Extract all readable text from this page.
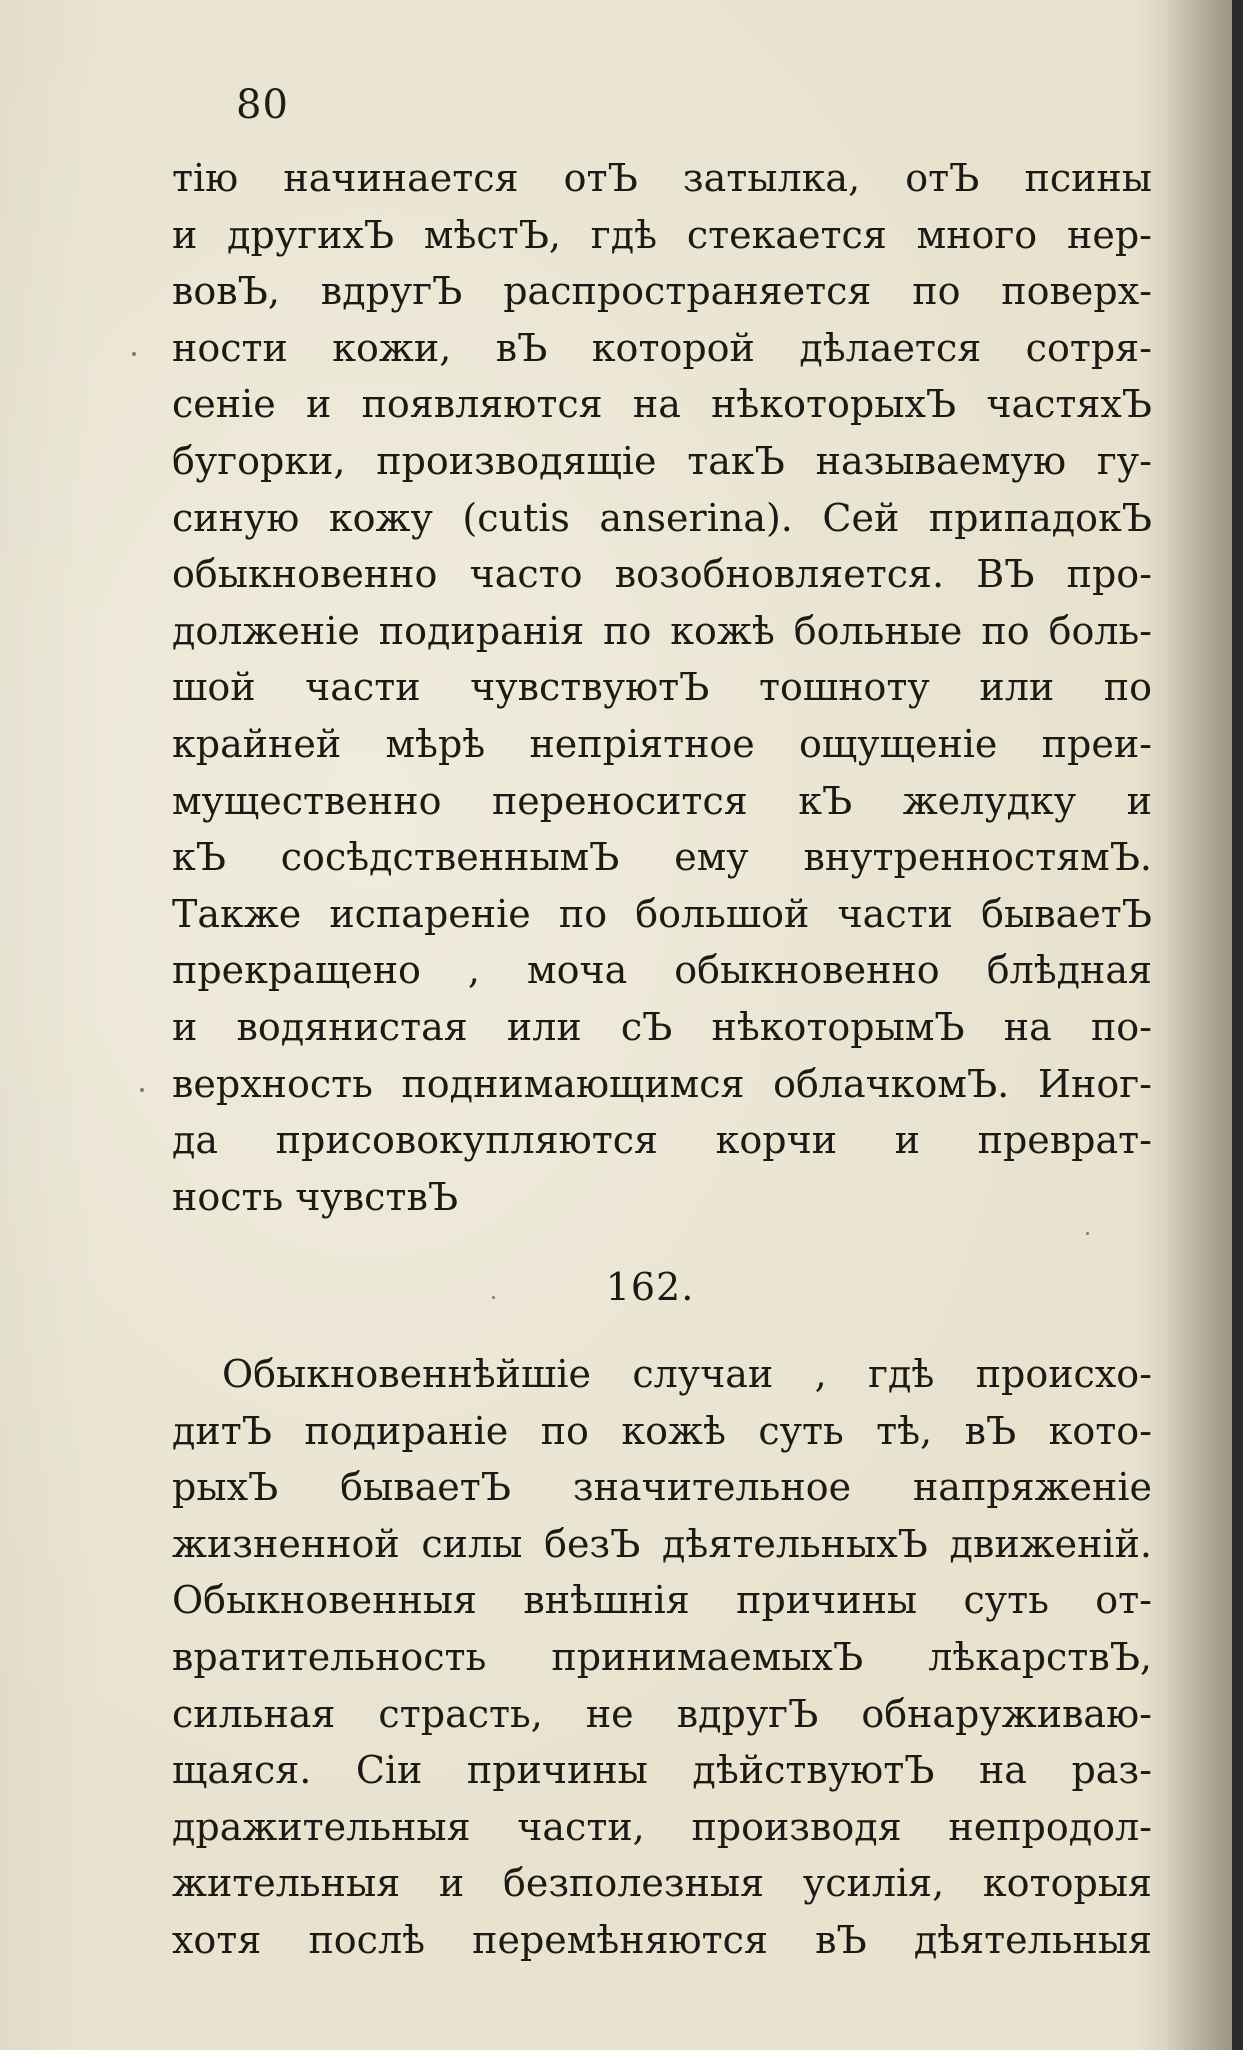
80
тію начинается отЪ затылка, отЪ псины
и другихЪ мѣстЪ, гдѣ стекается много нер-
вовЪ, вдругЪ распространяется по поверх-
ности кожи, вЪ которой дѣлается сотря-
сеніе и появляются на нѣкоторыхЪ частяхЪ
бугорки, производящіе такЪ называемую гу-
синую кожу (cutis anserina). Сей припадокЪ
обыкновенно часто возобновляется. ВЪ про-
долженіе подиранія по кожѣ больные по боль-
шой части чувствуютЪ тошноту или по
крайней мѣрѣ непріятное ощущеніе преи-
мущественно переносится кЪ желудку и
кЪ сосѣдственнымЪ ему внутренностямЪ.
Также испареніе по большой части бываетЪ
прекращено , моча обыкновенно блѣдная
и водянистая или сЪ нѣкоторымЪ на по-
верхность поднимающимся облачкомЪ. Иног-
да присовокупляются корчи и преврат-
ность чувствЪ
162.
Обыкновеннѣйшіе случаи , гдѣ происхо-
дитЪ подираніе по кожѣ суть тѣ, вЪ кото-
рыхЪ бываетЪ значительное напряженіе
жизненной силы безЪ дѣятельныхЪ движеній.
Обыкновенныя внѣшнія причины суть от-
вратительность принимаемыхЪ лѣкарствЪ,
сильная страсть, не вдругЪ обнаруживаю-
щаяся. Сіи причины дѣйствуютЪ на раз-
дражительныя части, производя непродол-
жительныя и безполезныя усилія, которыя
хотя послѣ перемѣняются вЪ дѣятельныя
